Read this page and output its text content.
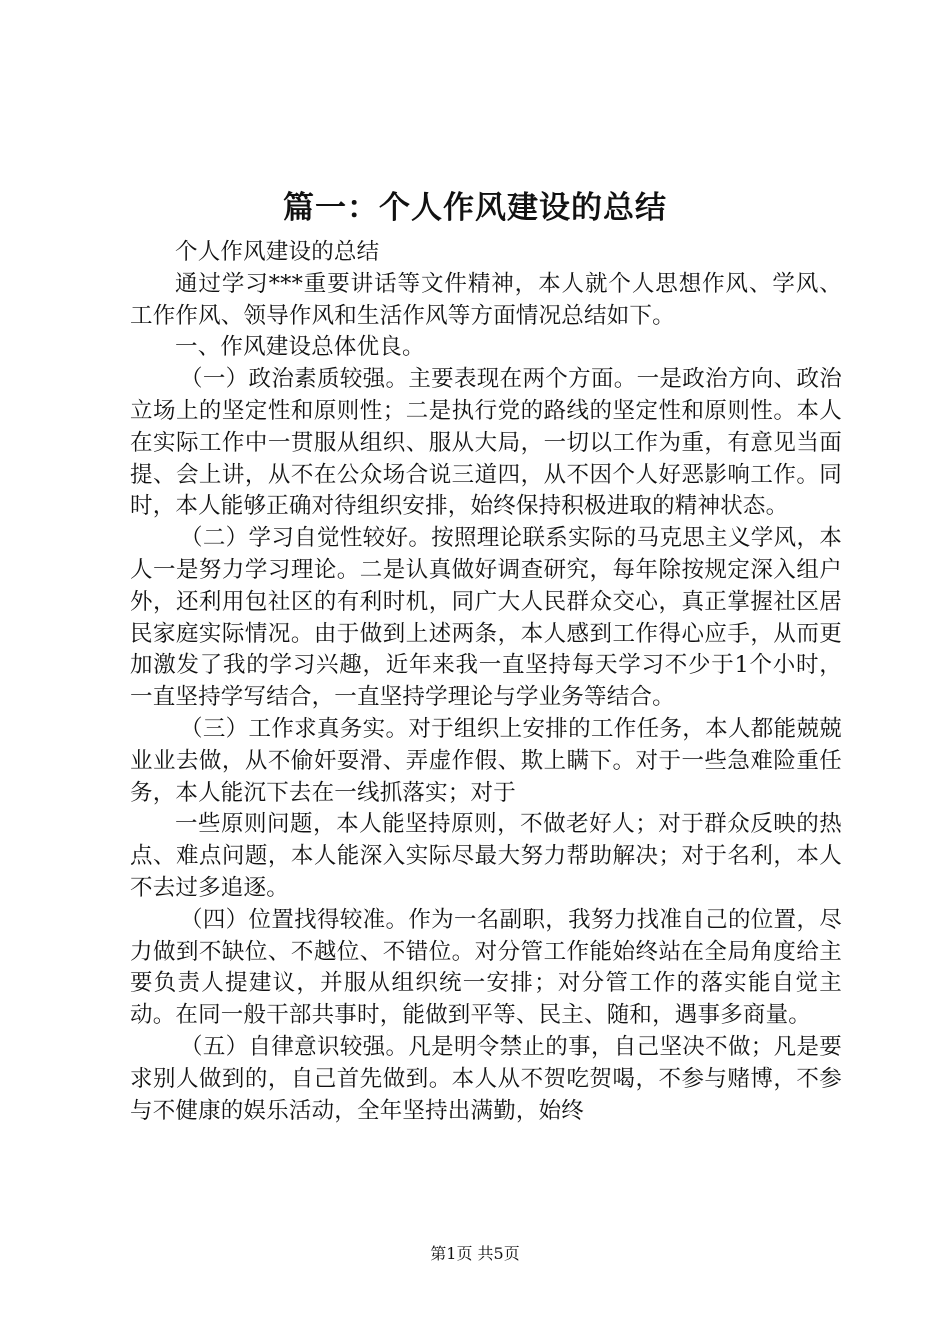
篇一：个人作风建设的总结

个人作风建设的总结

通过学习***重要讲话等文件精神，本人就个人思想作风、学风、工作作风、领导作风和生活作风等方面情况总结如下。

一、作风建设总体优良。

（一）政治素质较强。主要表现在两个方面。一是政治方向、政治立场上的坚定性和原则性；二是执行党的路线的坚定性和原则性。本人在实际工作中一贯服从组织、服从大局，一切以工作为重，有意见当面提、会上讲，从不在公众场合说三道四，从不因个人好恶影响工作。同时，本人能够正确对待组织安排，始终保持积极进取的精神状态。

（二）学习自觉性较好。按照理论联系实际的马克思主义学风，本人一是努力学习理论。二是认真做好调查研究，每年除按规定深入组户外，还利用包社区的有利时机，同广大人民群众交心，真正掌握社区居民家庭实际情况。由于做到上述两条，本人感到工作得心应手，从而更加激发了我的学习兴趣，近年来我一直坚持每天学习不少于1个小时，一直坚持学写结合，一直坚持学理论与学业务等结合。

（三）工作求真务实。对于组织上安排的工作任务，本人都能兢兢业业去做，从不偷奸耍滑、弄虚作假、欺上瞒下。对于一些急难险重任务，本人能沉下去在一线抓落实；对于

一些原则问题，本人能坚持原则，不做老好人；对于群众反映的热点、难点问题，本人能深入实际尽最大努力帮助解决；对于名利，本人不去过多追逐。

（四）位置找得较准。作为一名副职，我努力找准自己的位置，尽力做到不缺位、不越位、不错位。对分管工作能始终站在全局角度给主要负责人提建议，并服从组织统一安排；对分管工作的落实能自觉主动。在同一般干部共事时，能做到平等、民主、随和，遇事多商量。

（五）自律意识较强。凡是明令禁止的事，自己坚决不做；凡是要求别人做到的，自己首先做到。本人从不贺吃贺喝，不参与赌博，不参与不健康的娱乐活动，全年坚持出满勤，始终

第1页 共5页
